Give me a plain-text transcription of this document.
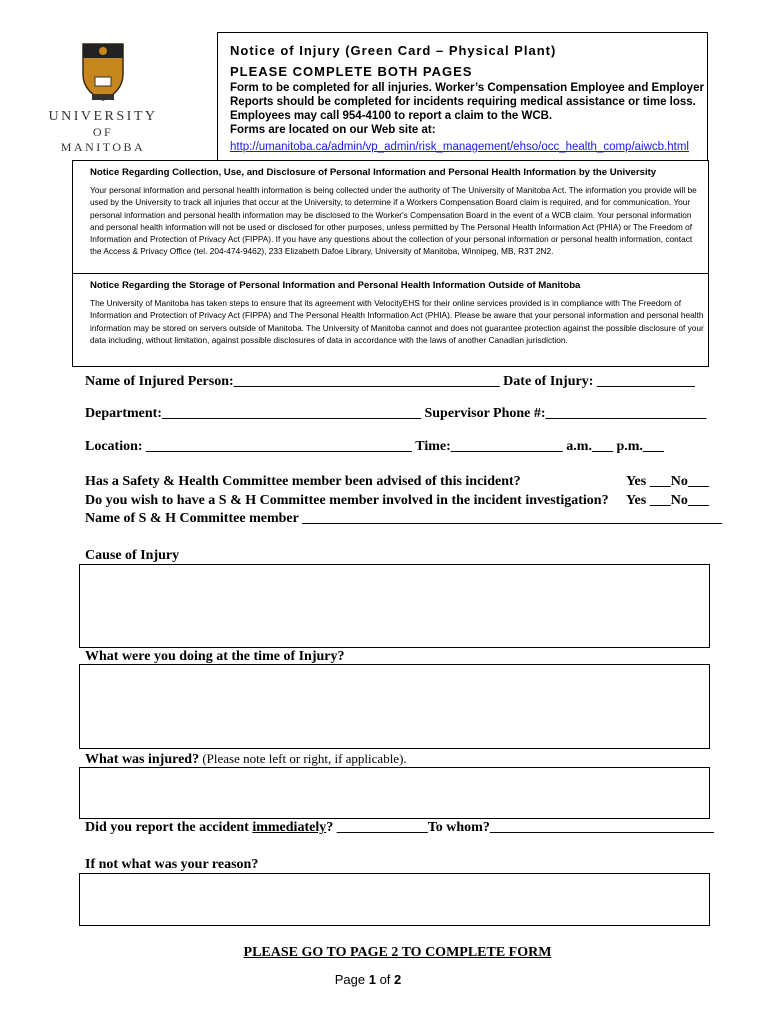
UNIVERSITY
OF MANITOBA
Notice of Injury (Green Card – Physical Plant)
PLEASE COMPLETE BOTH PAGES
Form to be completed for all injuries. Worker’s Compensation Employee and Employer
Reports should be completed for incidents requiring medical assistance or time loss.
Employees may call 954-4100 to report a claim to the WCB.
Forms are located on our Web site at:
http://umanitoba.ca/admin/vp_admin/risk_management/ehso/occ_health_comp/aiwcb.html
Notice Regarding Collection, Use, and Disclosure of Personal Information and Personal Health Information by the University

Your personal information and personal health information is being collected under the authority of The University of Manitoba Act. The information you provide will be used by the University to track all injuries that occur at the University, to determine if a Workers Compensation Board claim is required, and for communication. Your personal information and personal health information may be disclosed to the Worker's Compensation Board in the event of a WCB claim. Your personal information and personal health information will not be used or disclosed for other purposes, unless permitted by The Personal Health Information Act (PHIA) or The Freedom of Information and Protection of Privacy Act (FIPPA). If you have any questions about the collection of your personal information or personal health information, contact the Access & Privacy Office (tel. 204-474-9462), 233 Elizabeth Dafoe Library, University of Manitoba, Winnipeg, MB, R3T 2N2.

Notice Regarding the Storage of Personal Information and Personal Health Information Outside of Manitoba

The University of Manitoba has taken steps to ensure that its agreement with VelocityEHS for their online services provided is in compliance with The Freedom of Information and Protection of Privacy Act (FIPPA) and The Personal Health Information Act (PHIA). Please be aware that your personal information and personal health information may be stored on servers outside of Manitoba. The University of Manitoba cannot and does not guarantee protection against the possible disclosure of your data including, without limitation, against possible disclosures of data in accordance with the laws of another Canadian jurisdiction.

Name of Injured Person:______________________________________ Date of Injury: ______________
Department:_____________________________________ Supervisor Phone #:_______________________
Location: ______________________________________ Time:________________ a.m.___ p.m.___
Has a Safety & Health Committee member been advised of this incident?	Yes ___No___
Do you wish to have a S & H Committee member involved in the incident investigation? Yes ___No___
Name of S & H Committee member ____________________________________________________________
Cause of Injury
What were you doing at the time of Injury?
What was injured? (Please note left or right, if applicable).
Did you report the accident immediately? _____________To whom?________________________________
If not what was your reason?
PLEASE GO TO PAGE 2 TO COMPLETE FORM
Page 1 of 2
